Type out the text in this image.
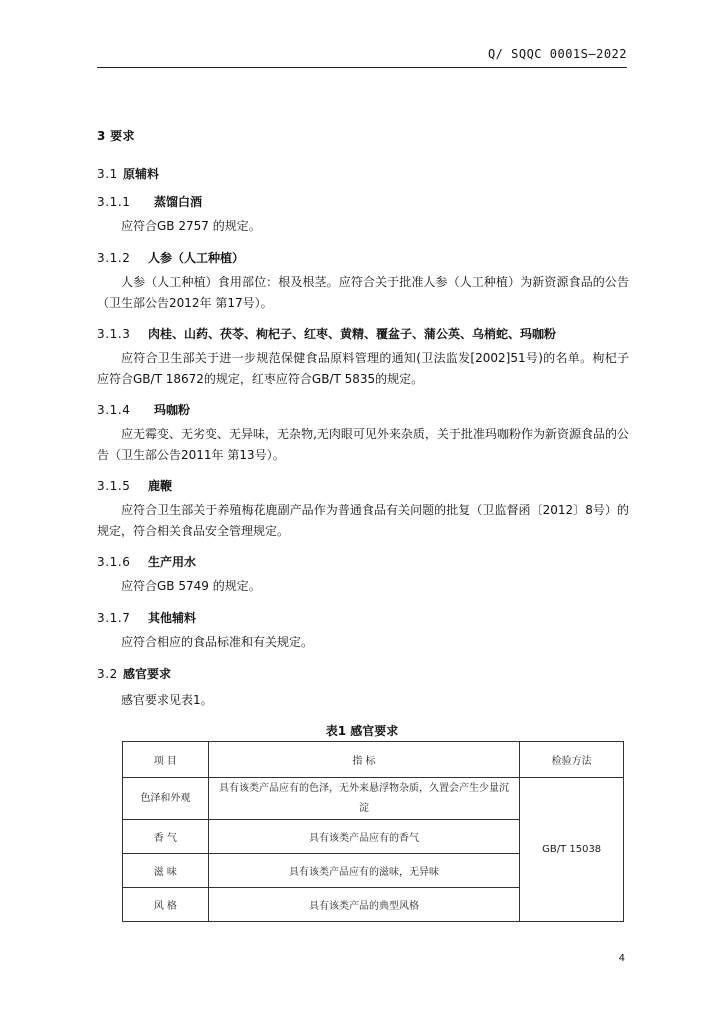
Q/ SQQC 0001S—2022
3 要求
3.1 原辅料
3.1.1 蒸馏白酒
应符合GB 2757 的规定。
3.1.2 人参（人工种植）
人参（人工种植）食用部位：根及根茎。应符合关于批准人参（人工种植）为新资源食品的公告（卫生部公告2012年 第17号）。
3.1.3 肉桂、山药、茯苓、枸杞子、红枣、黄精、覆盆子、蒲公英、乌梢蛇、玛咖粉
应符合卫生部关于进一步规范保健食品原料管理的通知(卫法监发[2002]51号)的名单。枸杞子应符合GB/T 18672的规定，红枣应符合GB/T 5835的规定。
3.1.4 玛咖粉
应无霉变、无劣变、无异味，无杂物,无肉眼可见外来杂质，关于批准玛咖粉作为新资源食品的公告（卫生部公告2011年 第13号）。
3.1.5 鹿鞭
应符合卫生部关于养殖梅花鹿副产品作为普通食品有关问题的批复（卫监督函〔2012〕8号）的规定，符合相关食品安全管理规定。
3.1.6 生产用水
应符合GB 5749 的规定。
3.1.7 其他辅料
应符合相应的食品标准和有关规定。
3.2 感官要求
感官要求见表1。
表1 感官要求
项 目	指 标	检验方法
色泽和外观	具有该类产品应有的色泽，无外来悬浮物杂质，久置会产生少量沉淀	GB/T 15038
香 气	具有该类产品应有的香气	
滋 味	具有该类产品应有的滋味，无异味	
风 格	具有该类产品的典型风格	
4
